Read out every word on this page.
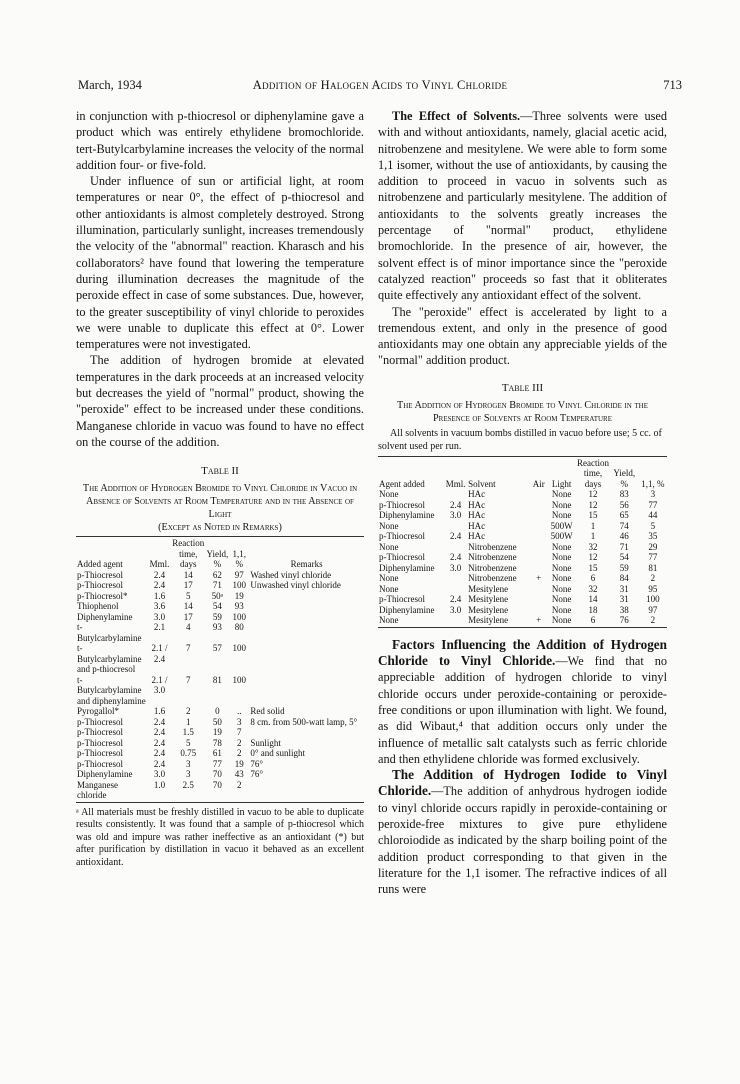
March, 1934	Addition of Halogen Acids to Vinyl Chloride	713

in conjunction with p-thiocresol or diphenylamine gave a product which was entirely ethylidene bromochloride. tert-Butylcarbylamine increases the velocity of the normal addition four- or five-fold.

Under influence of sun or artificial light, at room temperatures or near 0°, the effect of p-thiocresol and other antioxidants is almost completely destroyed. Strong illumination, particularly sunlight, increases tremendously the velocity of the "abnormal" reaction. Kharasch and his collaborators² have found that lowering the temperature during illumination decreases the magnitude of the peroxide effect in case of some substances. Due, however, to the greater susceptibility of vinyl chloride to peroxides we were unable to duplicate this effect at 0°. Lower temperatures were not investigated.

The addition of hydrogen bromide at elevated temperatures in the dark proceeds at an increased velocity but decreases the yield of "normal" product, showing the "peroxide" effect to be increased under these conditions. Manganese chloride in vacuo was found to have no effect on the course of the addition.

Table II

The Addition of Hydrogen Bromide to Vinyl Chloride in Vacuo in Absence of Solvents at Room Temperature and in the Absence of Light

(Except as Noted in Remarks)

Added agent	Mml.	Reaction time, days	Yield, %	1,1, %	Remarks
p-Thiocresol	2.4	14	62	97	Washed vinyl chloride
p-Thiocresol	2.4	17	71	100	Unwashed vinyl chloride
p-Thiocresol*	1.6	5	50ᵃ	19	
Thiophenol	3.6	14	54	93	
Diphenylamine	3.0	17	59	100	
t-Butylcarbylamine	2.1	4	93	80	
t-Butylcarbylamine and p-thiocresol	2.1 / 2.4	7	57	100	
t-Butylcarbylamine and diphenylamine	2.1 / 3.0	7	81	100	
Pyrogallol*	1.6	2	0	..	Red solid
p-Thiocresol	2.4	1	50	3	8 cm. from 500-watt lamp, 5°
p-Thiocresol	2.4	1.5	19	7	
p-Thiocresol	2.4	5	78	2	Sunlight
p-Thiocresol	2.4	0.75	61	2	0° and sunlight
p-Thiocresol	2.4	3	77	19	76°
Diphenylamine	3.0	3	70	43	76°
Manganese chloride	1.0	2.5	70	2	

ᵃ All materials must be freshly distilled in vacuo to be able to duplicate results consistently. It was found that a sample of p-thiocresol which was old and impure was rather ineffective as an antioxidant (*) but after purification by distillation in vacuo it behaved as an excellent antioxidant.

The Effect of Solvents.—Three solvents were used with and without antioxidants, namely, glacial acetic acid, nitrobenzene and mesitylene. We were able to form some 1,1 isomer, without the use of antioxidants, by causing the addition to proceed in vacuo in solvents such as nitrobenzene and particularly mesitylene. The addition of antioxidants to the solvents greatly increases the percentage of "normal" product, ethylidene bromochloride. In the presence of air, however, the solvent effect is of minor importance since the "peroxide catalyzed reaction" proceeds so fast that it obliterates quite effectively any antioxidant effect of the solvent.

The "peroxide" effect is accelerated by light to a tremendous extent, and only in the presence of good antioxidants may one obtain any appreciable yields of the "normal" addition product.

Table III

The Addition of Hydrogen Bromide to Vinyl Chloride in the Presence of Solvents at Room Temperature

All solvents in vacuum bombs distilled in vacuo before use; 5 cc. of solvent used per run.

Agent added	Mml.	Solvent	Air	Light	Reaction time, days	Yield, %	1,1, %
None		HAc		None	12	83	3
p-Thiocresol	2.4	HAc		None	12	56	77
Diphenylamine	3.0	HAc		None	15	65	44
None		HAc		500W	1	74	5
p-Thiocresol	2.4	HAc		500W	1	46	35
None		Nitrobenzene		None	32	71	29
p-Thiocresol	2.4	Nitrobenzene		None	12	54	77
Diphenylamine	3.0	Nitrobenzene		None	15	59	81
None		Nitrobenzene	+	None	6	84	2
None		Mesitylene		None	32	31	95
p-Thiocresol	2.4	Mesitylene		None	14	31	100
Diphenylamine	3.0	Mesitylene		None	18	38	97
None		Mesitylene	+	None	6	76	2

Factors Influencing the Addition of Hydrogen Chloride to Vinyl Chloride.—We find that no appreciable addition of hydrogen chloride to vinyl chloride occurs under peroxide-containing or peroxide-free conditions or upon illumination with light. We found, as did Wibaut,⁴ that addition occurs only under the influence of metallic salt catalysts such as ferric chloride and then ethylidene chloride was formed exclusively.

The Addition of Hydrogen Iodide to Vinyl Chloride.—The addition of anhydrous hydrogen iodide to vinyl chloride occurs rapidly in peroxide-containing or peroxide-free mixtures to give pure ethylidene chloroiodide as indicated by the sharp boiling point of the addition product corresponding to that given in the literature for the 1,1 isomer. The refractive indices of all runs were
